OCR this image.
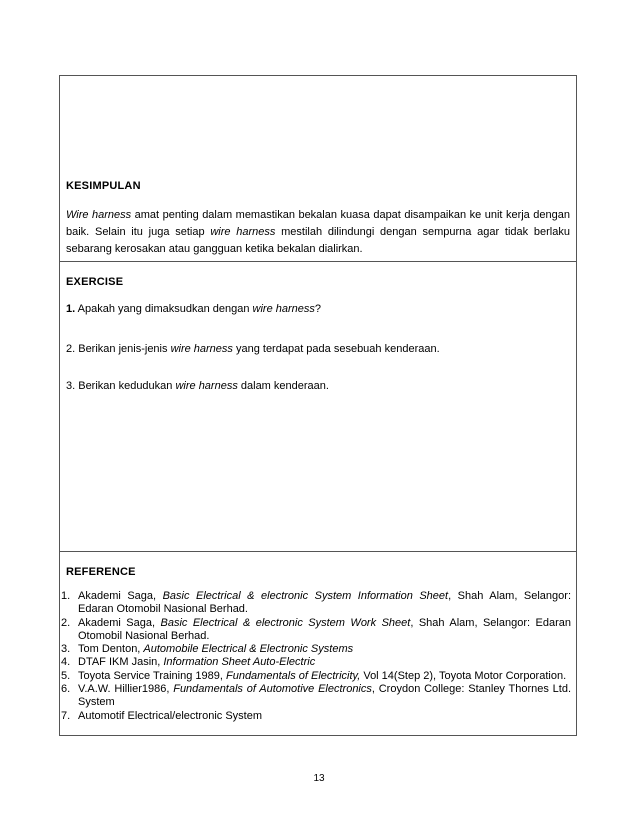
KESIMPULAN
Wire harness amat penting dalam memastikan bekalan kuasa dapat disampaikan ke unit kerja dengan baik. Selain itu juga setiap wire harness mestilah dilindungi dengan sempurna agar tidak berlaku sebarang kerosakan atau gangguan ketika bekalan dialirkan.
EXERCISE
1. Apakah yang dimaksudkan dengan wire harness?
2. Berikan jenis-jenis wire harness yang terdapat pada sesebuah kenderaan.
3. Berikan kedudukan wire harness dalam kenderaan.
REFERENCE
1. Akademi Saga, Basic Electrical & electronic System Information Sheet, Shah Alam, Selangor: Edaran Otomobil Nasional Berhad.
2. Akademi Saga, Basic Electrical & electronic System Work Sheet, Shah Alam, Selangor: Edaran Otomobil Nasional Berhad.
3. Tom Denton, Automobile Electrical & Electronic Systems
4. DTAF IKM Jasin, Information Sheet Auto-Electric
5. Toyota Service Training 1989, Fundamentals of Electricity, Vol 14(Step 2), Toyota Motor Corporation.
6. V.A.W. Hillier1986, Fundamentals of Automotive Electronics, Croydon College: Stanley Thornes Ltd. System
7. Automotif Electrical/electronic System
13
